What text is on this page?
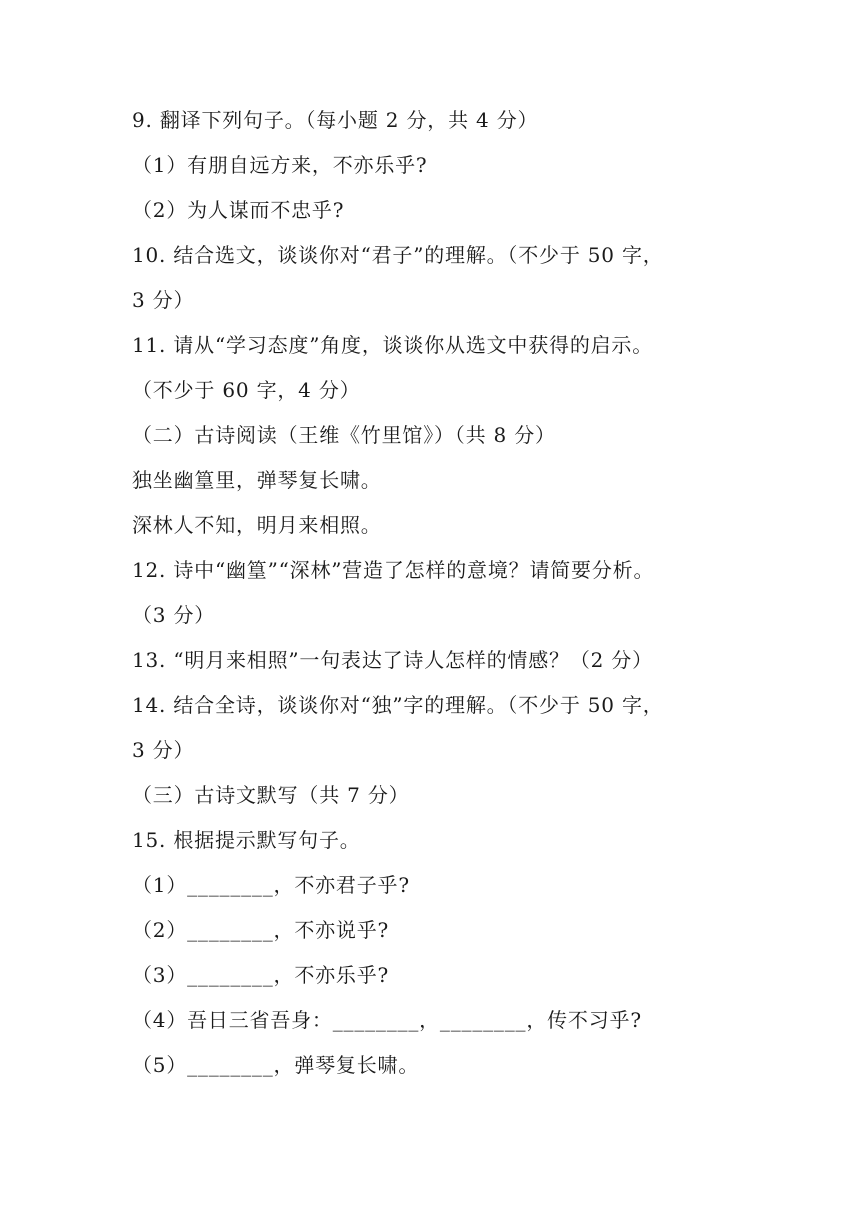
9. 翻译下列句子。（每小题 2 分，共 4 分）
（1）有朋自远方来，不亦乐乎?
（2）为人谋而不忠乎?
10. 结合选文，谈谈你对“君子”的理解。（不少于 50 字，
3 分）
11. 请从“学习态度”角度，谈谈你从选文中获得的启示。
（不少于 60 字，4 分）
（二）古诗阅读（王维《竹里馆》）（共 8 分）
独坐幽篁里，弹琴复长啸。
深林人不知，明月来相照。
12. 诗中“幽篁”“深林”营造了怎样的意境？请简要分析。
（3 分）
13. “明月来相照”一句表达了诗人怎样的情感？（2 分）
14. 结合全诗，谈谈你对“独”字的理解。（不少于 50 字，
3 分）
（三）古诗文默写（共 7 分）
15. 根据提示默写句子。
（1）________，不亦君子乎?
（2）________，不亦说乎?
（3）________，不亦乐乎?
（4）吾日三省吾身：________，________，传不习乎?
（5）________，弹琴复长啸。
